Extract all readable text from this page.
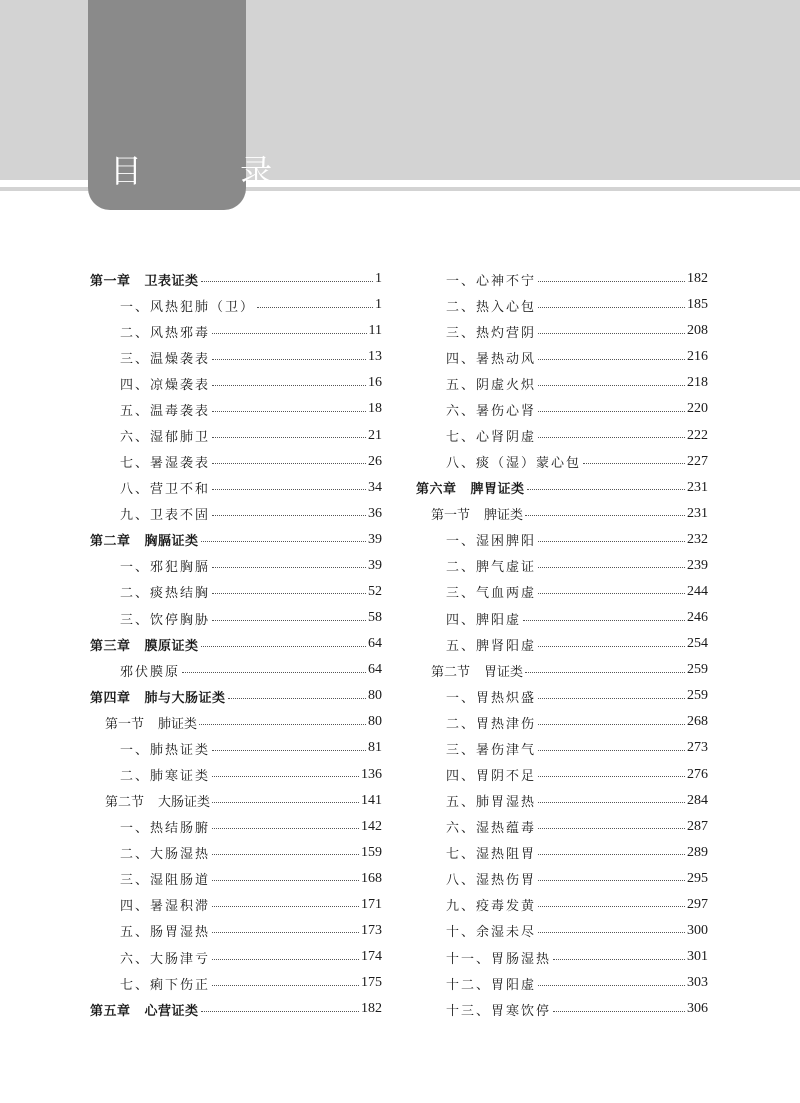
目 录
第一章 卫表证类	1
一、风热犯肺（卫）	1
二、风热邪毒	11
三、温燥袭表	13
四、凉燥袭表	16
五、温毒袭表	18
六、湿郁肺卫	21
七、暑湿袭表	26
八、营卫不和	34
九、卫表不固	36
第二章 胸膈证类	39
一、邪犯胸膈	39
二、痰热结胸	52
三、饮停胸胁	58
第三章 膜原证类	64
邪伏膜原	64
第四章 肺与大肠证类	80
第一节 肺证类	80
一、肺热证类	81
二、肺寒证类	136
第二节 大肠证类	141
一、热结肠腑	142
二、大肠湿热	159
三、湿阻肠道	168
四、暑湿积滞	171
五、肠胃湿热	173
六、大肠津亏	174
七、痢下伤正	175
第五章 心营证类	182
一、心神不宁	182
二、热入心包	185
三、热灼营阴	208
四、暑热动风	216
五、阴虚火炽	218
六、暑伤心肾	220
七、心肾阴虚	222
八、痰（湿）蒙心包	227
第六章 脾胃证类	231
第一节 脾证类	231
一、湿困脾阳	232
二、脾气虚证	239
三、气血两虚	244
四、脾阳虚	246
五、脾肾阳虚	254
第二节 胃证类	259
一、胃热炽盛	259
二、胃热津伤	268
三、暑伤津气	273
四、胃阴不足	276
五、肺胃湿热	284
六、湿热蕴毒	287
七、湿热阻胃	289
八、湿热伤胃	295
九、疫毒发黄	297
十、余湿未尽	300
十一、胃肠湿热	301
十二、胃阳虚	303
十三、胃寒饮停	306
